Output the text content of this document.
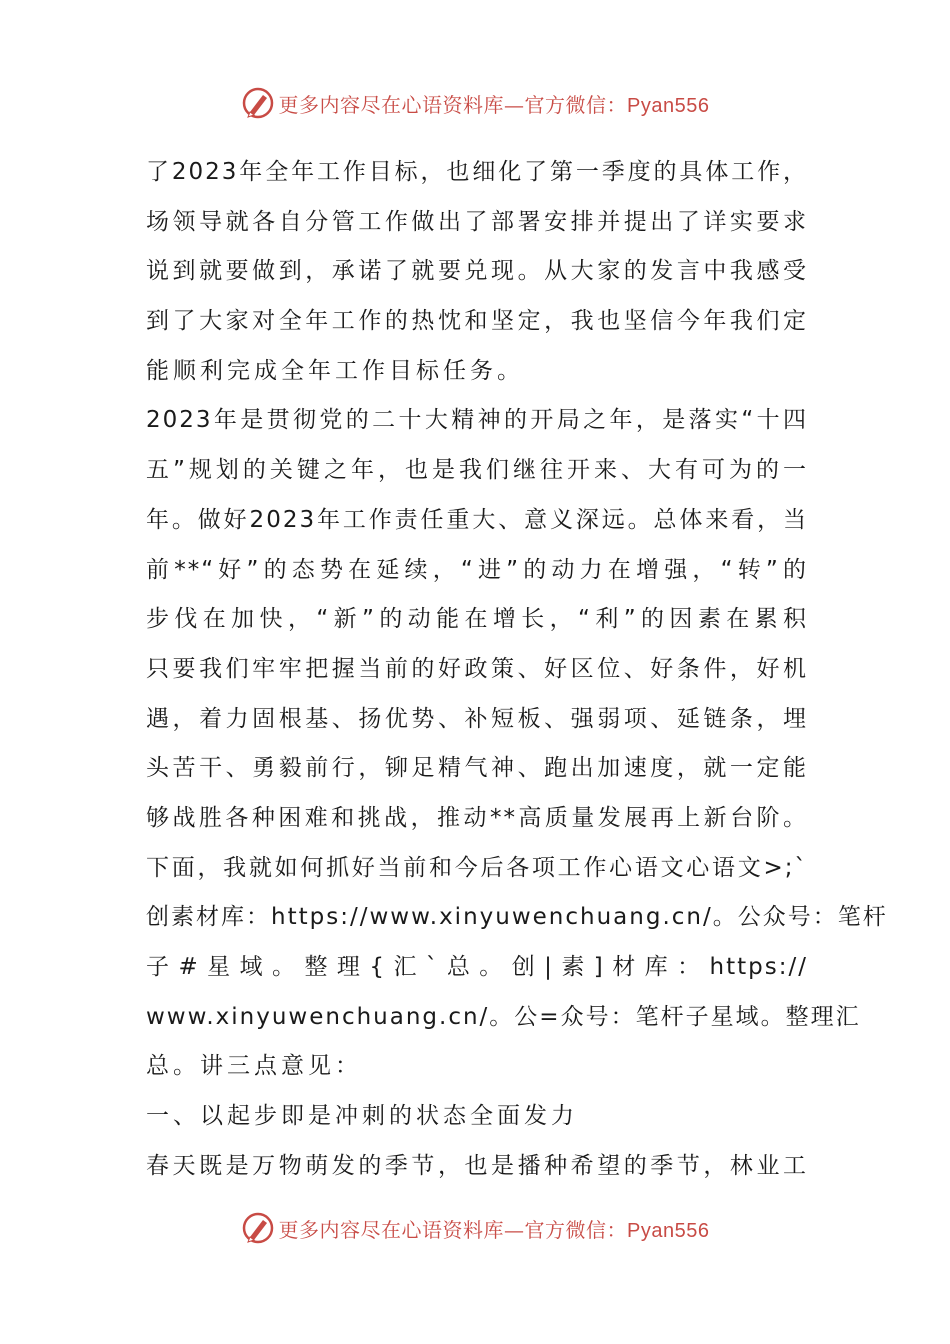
更多内容尽在心语资料库—官方微信：Pyan556
了2023年全年工作目标，也细化了第一季度的具体工作，
场领导就各自分管工作做出了部署安排并提出了详实要求
说到就要做到，承诺了就要兑现。从大家的发言中我感受
到了大家对全年工作的热忱和坚定，我也坚信今年我们定
能顺利完成全年工作目标任务。
2023年是贯彻党的二十大精神的开局之年，是落实“十四
五”规划的关键之年，也是我们继往开来、大有可为的一
年。做好2023年工作责任重大、意义深远。总体来看，当
前**“好”的态势在延续，“进”的动力在增强，“转”的
步伐在加快，“新”的动能在增长，“利”的因素在累积
只要我们牢牢把握当前的好政策、好区位、好条件，好机
遇，着力固根基、扬优势、补短板、强弱项、延链条，埋
头苦干、勇毅前行，铆足精气神、跑出加速度，就一定能
够战胜各种困难和挑战，推动**高质量发展再上新台阶。
下面，我就如何抓好当前和今后各项工作心语文心语文>;`
创素材库：https://www.xinyuwenchuang.cn/。公众号：笔杆
子#星域。整理{汇`总。创|素]材库：https://
www.xinyuwenchuang.cn/。公=众号：笔杆子星域。整理汇
总。讲三点意见：
一、以起步即是冲刺的状态全面发力
春天既是万物萌发的季节，也是播种希望的季节，林业工
更多内容尽在心语资料库—官方微信：Pyan556
